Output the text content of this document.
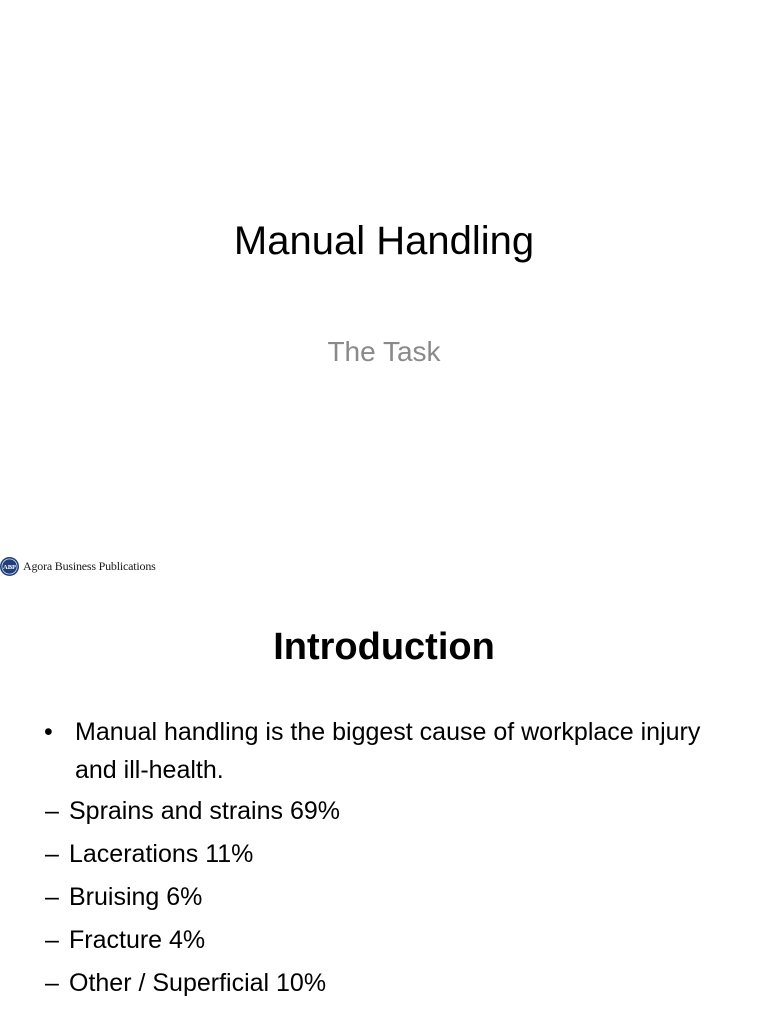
Manual Handling
The Task
ABP Agora Business Publications
Introduction
• Manual handling is the biggest cause of workplace injury and ill-health.
– Sprains and strains 69%
– Lacerations 11%
– Bruising 6%
– Fracture 4%
– Other / Superficial 10%
